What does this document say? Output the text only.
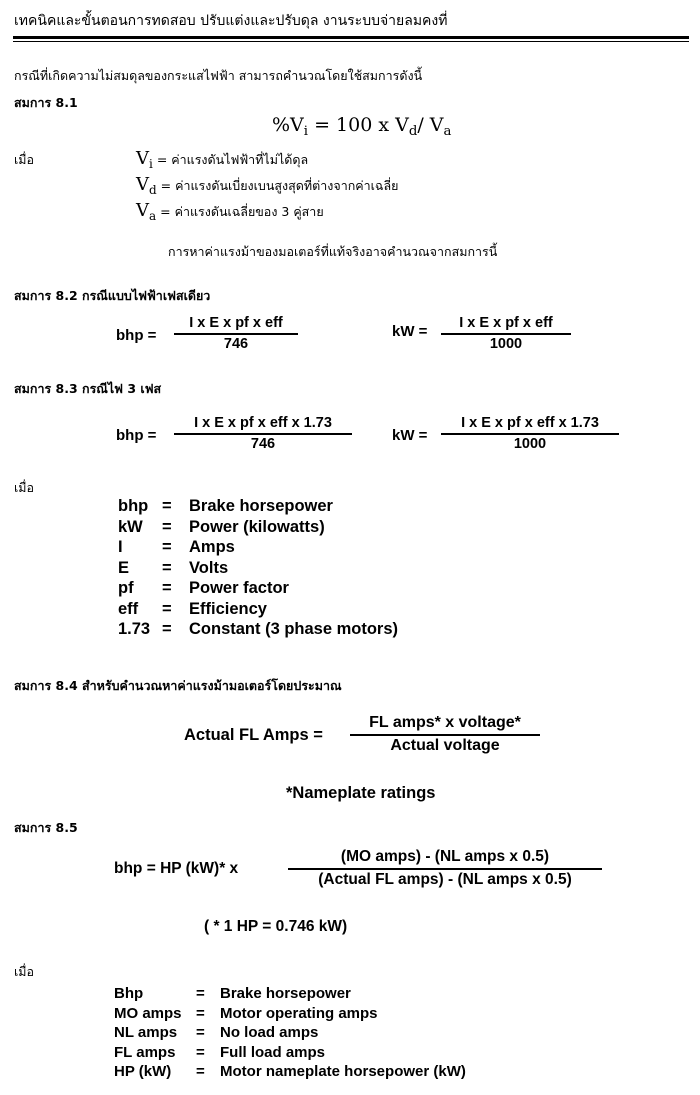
เทคนิคและขั้นตอนการทดสอบ ปรับแต่งและปรับดุล งานระบบจ่ายลมคงที่
กรณีที่เกิดความไม่สมดุลของกระแสไฟฟ้า สามารถคำนวณโดยใช้สมการดังนี้
สมการ 8.1
$\%V_i = 100$ x $V_d/$ $V_a$
เมื่อ	$V_i$ = ค่าแรงดันไฟฟ้าที่ไม่ได้ดุล
$V_d$ = ค่าแรงดันเบี่ยงเบนสูงสุดที่ต่างจากค่าเฉลี่ย
$V_a$ = ค่าแรงดันเฉลี่ยของ 3 คู่สาย
การหาค่าแรงม้าของมอเตอร์ที่แท้จริงอาจคำนวณจากสมการนี้
สมการ 8.2 กรณีแบบไฟฟ้าเฟสเดียว
bhp =
I x E x pf x eff
746
kW =	I x E x pf x eff
1000
สมการ 8.3 กรณีไฟ 3 เฟส
bhp =
I x E x pf x eff x 1.73
746	kW =
I x E x pf x eff x 1.73
1000
เมื่อ
bhp	=	Brake horsepower
kW	=	Power (kilowatts)
I	=	Amps
E	=	Volts
pf	=	Power factor
eff	=	Efficiency
1.73	=	Constant (3 phase motors)
สมการ 8.4 สำหรับคำนวณหาค่าแรงม้ามอเตอร์โดยประมาณ
Actual FL Amps =
FL amps* x voltage*
Actual voltage
*Nameplate ratings
สมการ 8.5
bhp = HP (kW)* x
(MO amps) - (NL amps x 0.5)
(Actual FL amps) - (NL amps x 0.5)
( * 1 HP = 0.746 kW)
เมื่อ
Bhp	=	Brake horsepower
MO amps	=	Motor operating amps
NL amps	=	No load amps
FL amps	=	Full load amps
HP (kW)	=	Motor nameplate horsepower (kW)
